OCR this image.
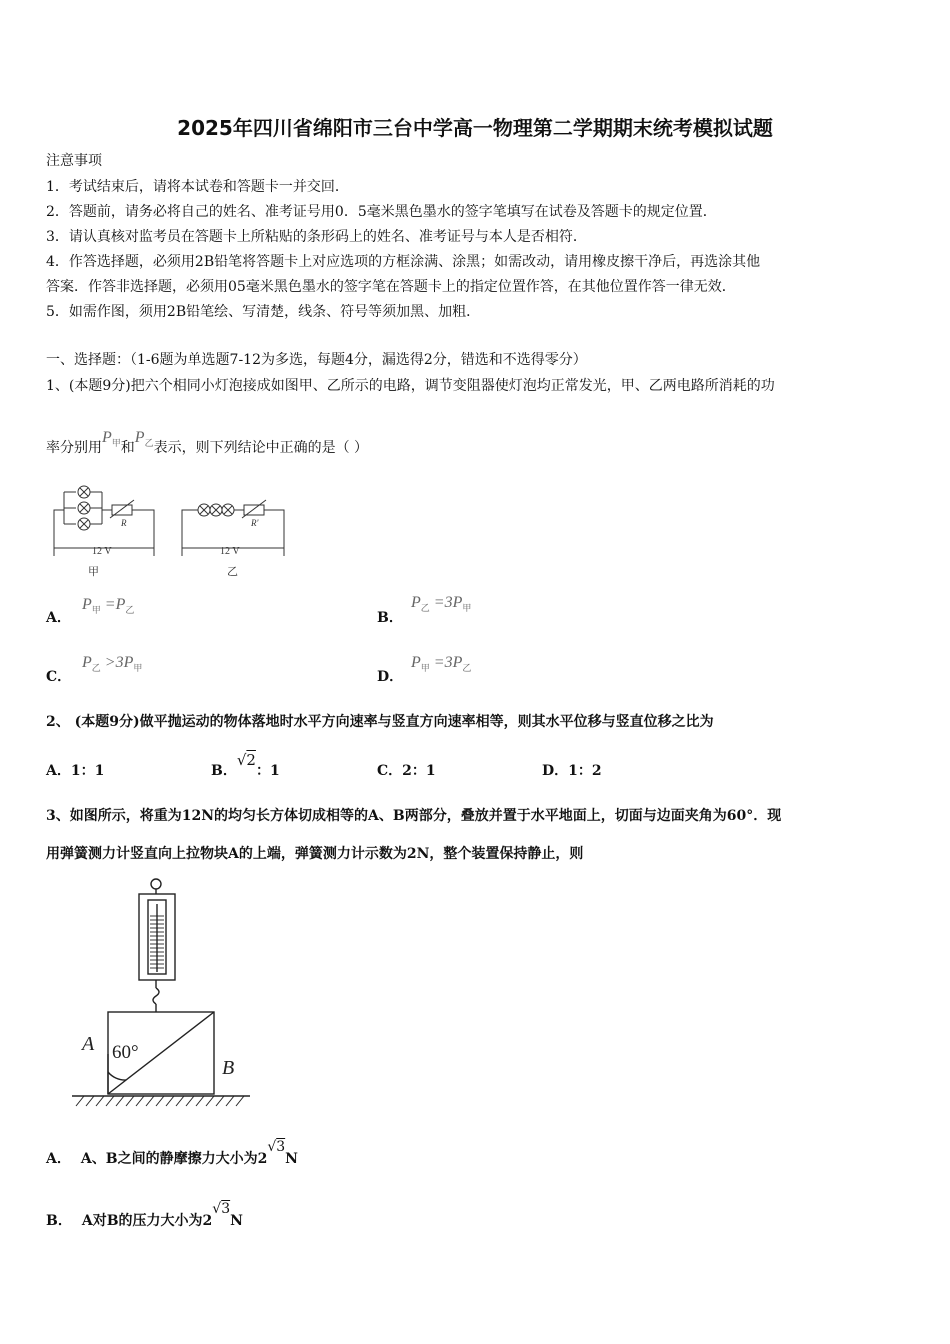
2025年四川省绵阳市三台中学高一物理第二学期期末统考模拟试题
注意事项
1．考试结束后，请将本试卷和答题卡一并交回．
2．答题前，请务必将自己的姓名、准考证号用0．5毫米黑色墨水的签字笔填写在试卷及答题卡的规定位置．
3．请认真核对监考员在答题卡上所粘贴的条形码上的姓名、准考证号与本人是否相符．
4．作答选择题，必须用2B铅笔将答题卡上对应选项的方框涂满、涂黑；如需改动，请用橡皮擦干净后，再选涂其他
答案．作答非选择题，必须用05毫米黑色墨水的签字笔在答题卡上的指定位置作答，在其他位置作答一律无效．
5．如需作图，须用2B铅笔绘、写清楚，线条、符号等须加黑、加粗．
一、选择题：（1-6题为单选题7-12为多选，每题4分，漏选得2分，错选和不选得零分）
1、(本题9分)把六个相同小灯泡接成如图甲、乙所示的电路，调节变阻器使灯泡均正常发光，甲、乙两电路所消耗的功
率分别用$P_甲$和$P_乙$表示，则下列结论中正确的是（ ）
R	R'
12 V	12 V
甲	乙
A．
$P_甲 =P_乙$	B．
$P_乙 =3P_甲$
C．
$P_乙 >3P_甲$
D．
$P_甲 =3P_乙$
2、 (本题9分)做平抛运动的物体落地时水平方向速率与竖直方向速率相等，则其水平位移与竖直位移之比为
A．1：1	B．√2：1	C．2：1	D．1：2
3、如图所示，将重为12N的均匀长方体切成相等的A、B两部分，叠放并置于水平地面上，切面与边面夹角为60°．现
用弹簧测力计竖直向上拉物块A的上端，弹簧测力计示数为2N，整个装置保持静止，则
A 60°
B
A． A、B之间的静摩擦力大小为2√3N
B． A对B的压力大小为2√3N
